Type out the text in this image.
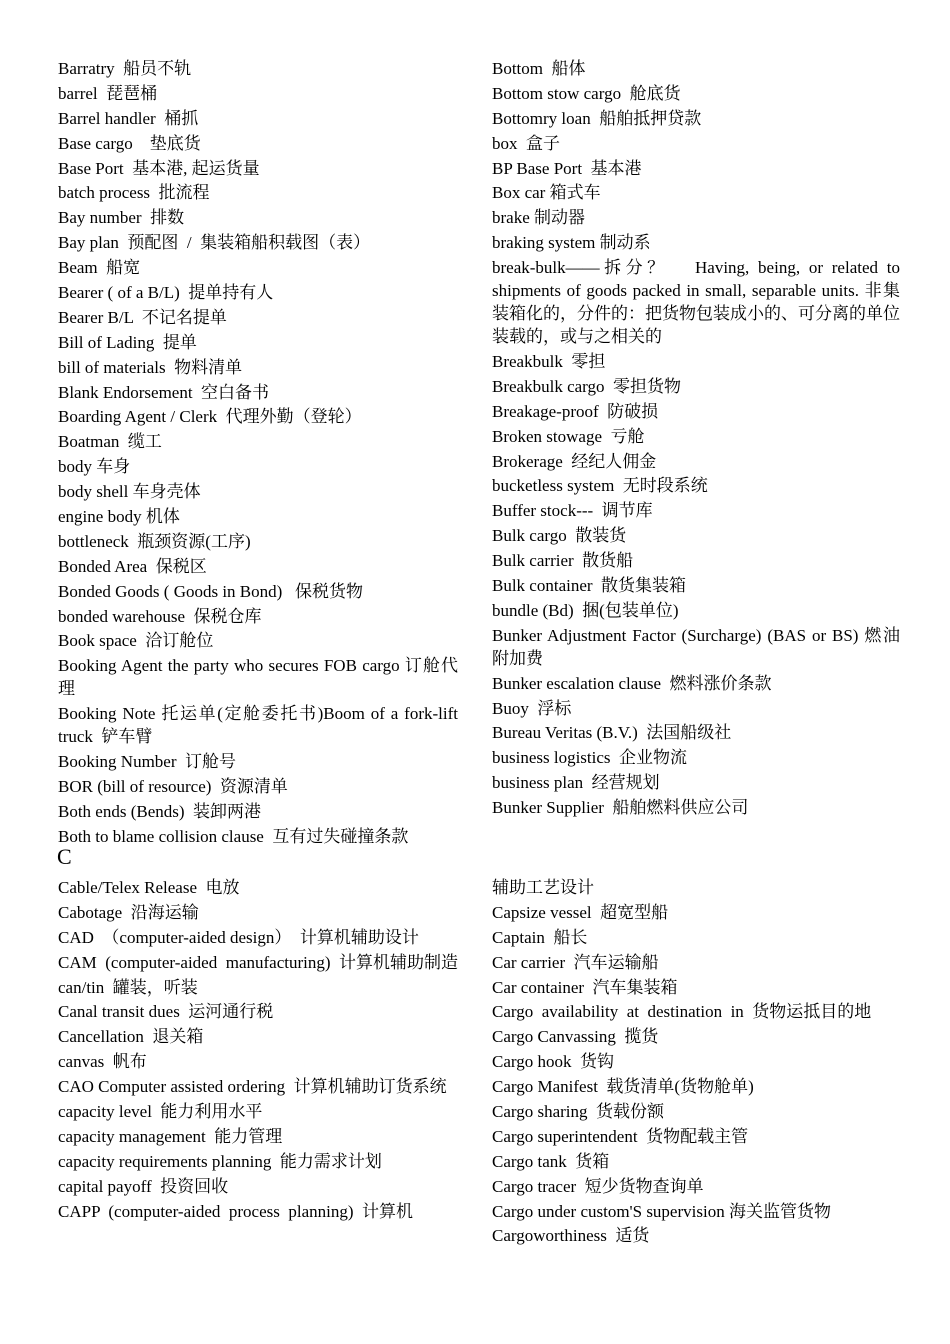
Barratry  船员不轨
barrel  琵琶桶
Barrel handler  桶抓
Base cargo    垫底货
Base Port  基本港, 起运货量
batch process  批流程
Bay number  排数
Bay plan  预配图  /  集装箱船积载图（表）
Beam  船宽
Bearer ( of a B/L)  提单持有人
Bearer B/L  不记名提单
Bill of Lading  提单
bill of materials  物料清单
Blank Endorsement  空白备书
Boarding Agent / Clerk  代理外勤（登轮）
Boatman  缆工
body 车身
body shell 车身壳体
engine body 机体
bottleneck  瓶颈资源(工序)
Bonded Area  保税区
Bonded Goods ( Goods in Bond)   保税货物
bonded warehouse  保税仓库
Book space  洽订舱位
Booking Agent the party who secures FOB cargo 订舱代理
Booking Note 托运单(定舱委托书)Boom of a fork-lift truck  铲车臂
Booking Number  订舱号
BOR (bill of resource)  资源清单
Both ends (Bends)  装卸两港
Both to blame collision clause  互有过失碰撞条款
Bottom  船体
Bottom stow cargo  舱底货
Bottomry loan  船舶抵押贷款
box  盒子
BP Base Port  基本港
Box car 箱式车
brake 制动器
braking system 制动系
break-bulk——拆分？   Having, being, or related to shipments of goods packed in small, separable units. 非集装箱化的，分件的：把货物包装成小的、可分离的单位装载的，或与之相关的
Breakbulk  零担
Breakbulk cargo  零担货物
Breakage-proof  防破损
Broken stowage  亏舱
Brokerage  经纪人佣金
bucketless system  无时段系统
Buffer stock---  调节库
Bulk cargo  散装货
Bulk carrier  散货船
Bulk container  散货集装箱
bundle (Bd)  捆(包装单位)
Bunker Adjustment Factor (Surcharge) (BAS or BS) 燃油附加费
Bunker escalation clause  燃料涨价条款
Buoy  浮标
Bureau Veritas (B.V.)  法国船级社
business logistics  企业物流
business plan  经营规划
Bunker Supplier  船舶燃料供应公司
C
Cable/Telex Release  电放
Cabotage  沿海运输
CAD  （computer-aided design）  计算机辅助设计
CAM  (computer-aided  manufacturing)  计算机辅助制造
can/tin  罐装，听装
Canal transit dues  运河通行税
Cancellation  退关箱
canvas  帆布
CAO Computer assisted ordering  计算机辅助订货系统
capacity level  能力利用水平
capacity management  能力管理
capacity requirements planning  能力需求计划
capital payoff  投资回收
CAPP  (computer-aided  process  planning)  计算机
辅助工艺设计
Capsize vessel  超宽型船
Captain  船长
Car carrier  汽车运输船
Car container  汽车集装箱
Cargo  availability  at  destination  in  货物运抵目的地
Cargo Canvassing  揽货
Cargo hook  货钩
Cargo Manifest  载货清单(货物舱单)
Cargo sharing  货载份额
Cargo superintendent  货物配载主管
Cargo tank  货箱
Cargo tracer  短少货物查询单
Cargo under custom'S supervision 海关监管货物
Cargoworthiness  适货
